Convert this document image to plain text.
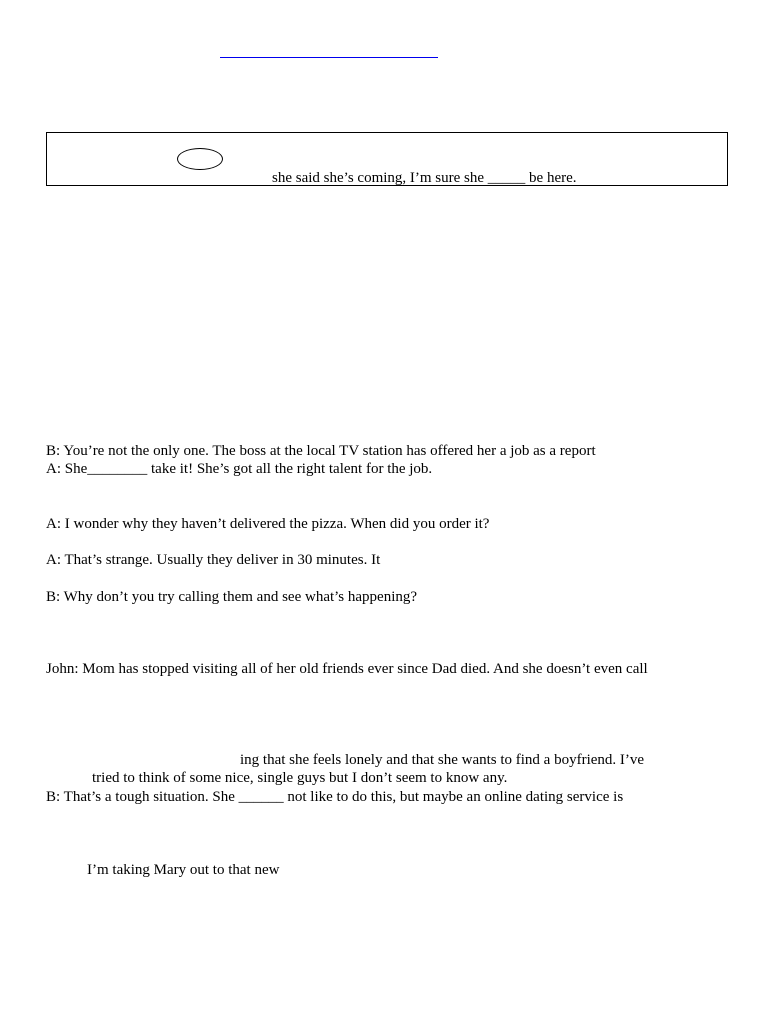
she said she’s coming, I’m sure she _____ be here.
B: You’re not the only one. The boss at the local TV station has offered her a job as a report
A: She________ take it! She’s got all the right talent for the job.
A: I wonder why they haven’t delivered the pizza. When did you order it?
A: That’s strange. Usually they deliver in 30 minutes. It
B: Why don’t you try calling them and see what’s happening?
John: Mom has stopped visiting all of her old friends ever since Dad died. And she doesn’t even call
ing that she feels lonely and that she wants to find a boyfriend. I’ve
tried to think of some nice, single guys but I don’t seem to know any.
B: That’s a tough situation. She ______ not like to do this, but maybe an online dating service is
I’m taking Mary out to that new
